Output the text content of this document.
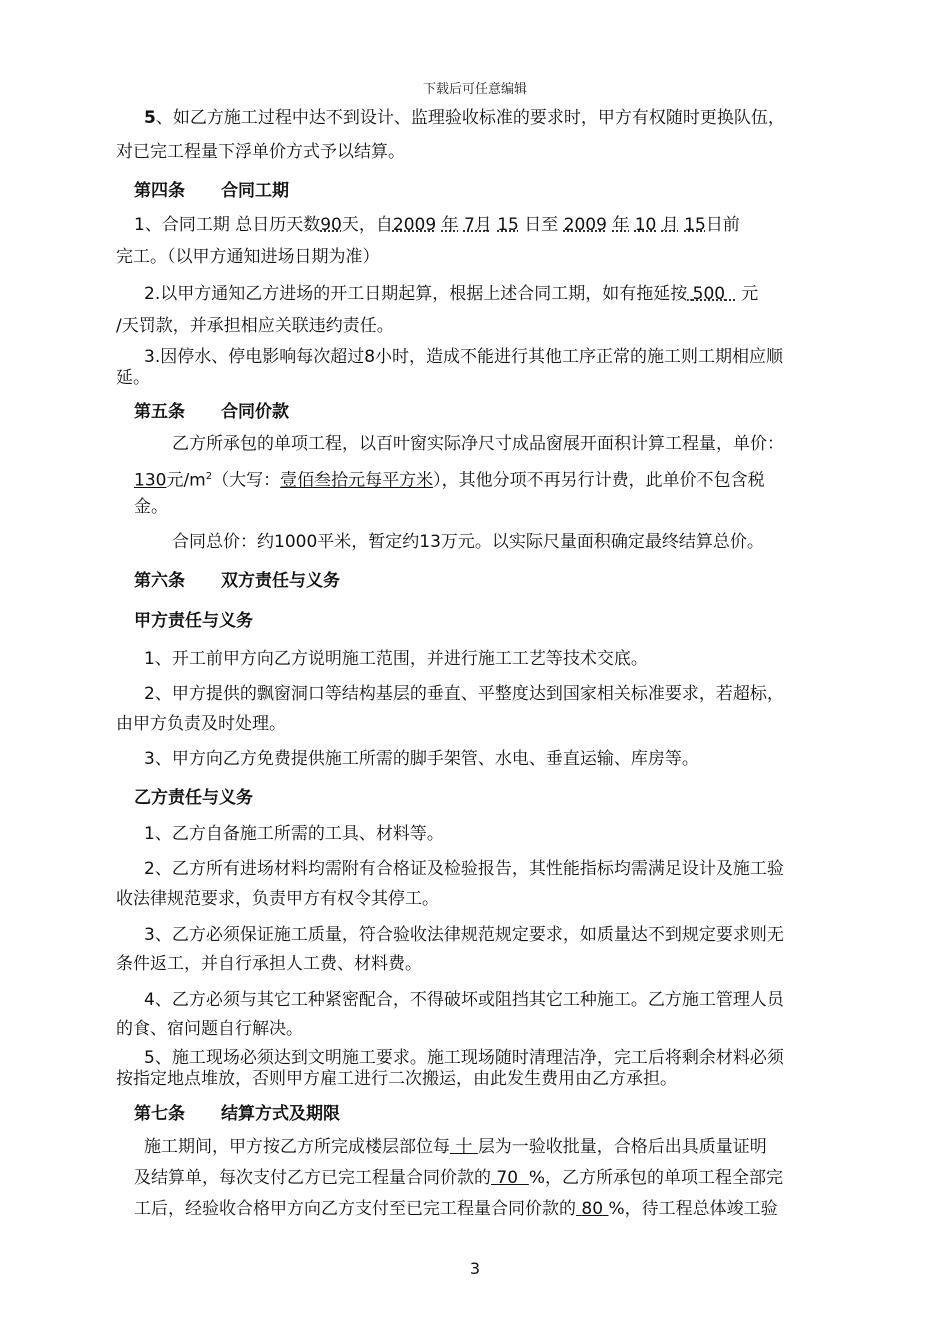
下载后可任意编辑
5、如乙方施工过程中达不到设计、监理验收标准的要求时，甲方有权随时更换队伍，
对已完工程量下浮单价方式予以结算。
第四条 合同工期
1、合同工期 总日历天数90天，自2009 年 7月 15 日至 2009 年 10 月 15日前
完工。（以甲方通知进场日期为准）
2.以甲方通知乙方进场的开工日期起算，根据上述合同工期，如有拖延按 500 元
/天罚款，并承担相应关联违约责任。
3.因停水、停电影响每次超过8小时，造成不能进行其他工序正常的施工则工期相应顺
延。
第五条 合同价款
乙方所承包的单项工程，以百叶窗实际净尺寸成品窗展开面积计算工程量，单价：
130元$/m^2$（大写：壹佰叁拾元每平方米），其他分项不再另行计费，此单价不包含税
金。
合同总价：约1000平米，暂定约13万元。以实际尺量面积确定最终结算总价。
第六条 双方责任与义务
甲方责任与义务
1、开工前甲方向乙方说明施工范围，并进行施工工艺等技术交底。
2、甲方提供的飘窗洞口等结构基层的垂直、平整度达到国家相关标准要求，若超标，
由甲方负责及时处理。
3、甲方向乙方免费提供施工所需的脚手架管、水电、垂直运输、库房等。
乙方责任与义务
1、乙方自备施工所需的工具、材料等。
2、乙方所有进场材料均需附有合格证及检验报告，其性能指标均需满足设计及施工验
收法律规范要求，负责甲方有权令其停工。
3、乙方必须保证施工质量，符合验收法律规范规定要求，如质量达不到规定要求则无
条件返工，并自行承担人工费、材料费。
4、乙方必须与其它工种紧密配合，不得破坏或阻挡其它工种施工。乙方施工管理人员
的食、宿问题自行解决。
5、施工现场必须达到文明施工要求。施工现场随时清理洁净，完工后将剩余材料必须
按指定地点堆放，否则甲方雇工进行二次搬运，由此发生费用由乙方承担。
第七条 结算方式及期限
施工期间，甲方按乙方所完成楼层部位每 十 层为一验收批量，合格后出具质量证明
及结算单，每次支付乙方已完工程量合同价款的 70 %，乙方所承包的单项工程全部完
工后，经验收合格甲方向乙方支付至已完工程量合同价款的 80 %，待工程总体竣工验
3
